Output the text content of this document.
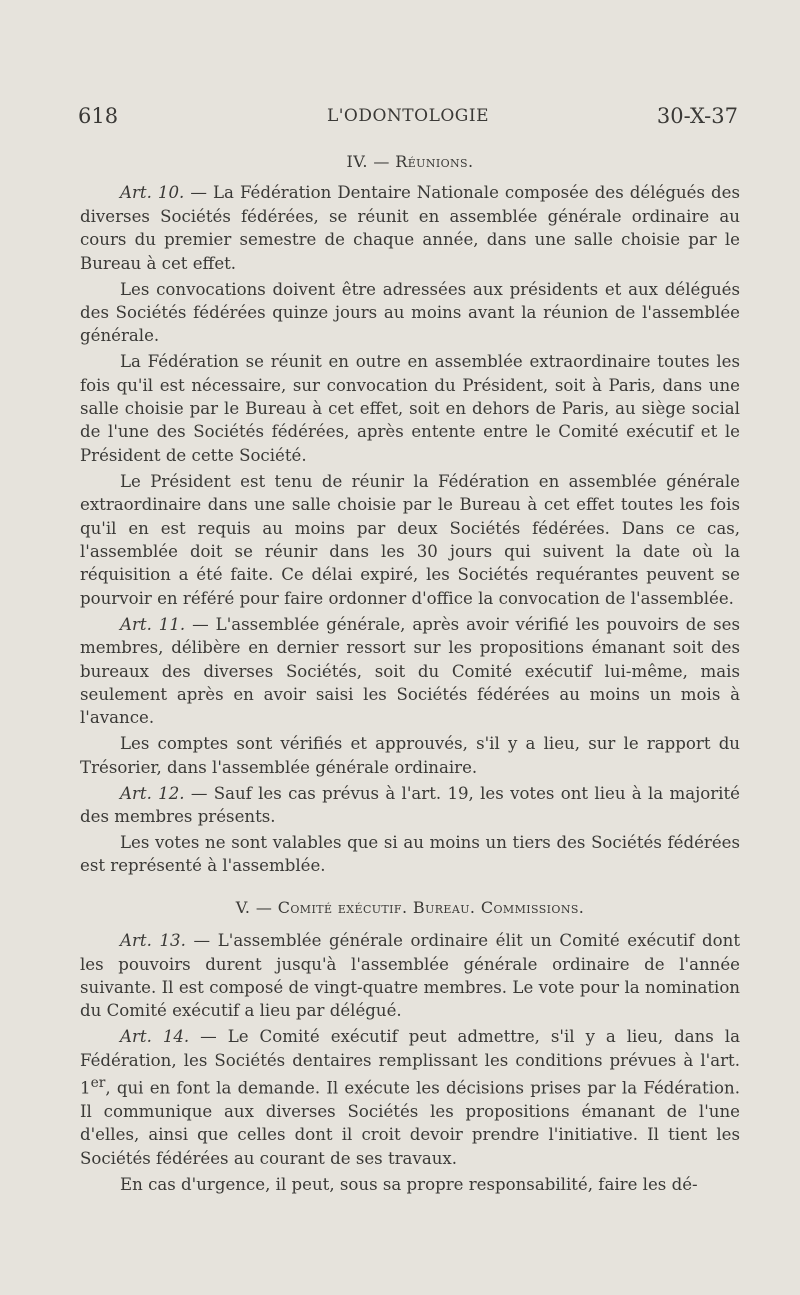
618	L'ODONTOLOGIE	30-X-37

IV. — Réunions.

Art. 10. — La Fédération Dentaire Nationale composée des délégués des diverses Sociétés fédérées, se réunit en assemblée générale ordinaire au cours du premier semestre de chaque année, dans une salle choisie par le Bureau à cet effet.

Les convocations doivent être adressées aux présidents et aux délégués des Sociétés fédérées quinze jours au moins avant la réunion de l'assemblée générale.

La Fédération se réunit en outre en assemblée extraordinaire toutes les fois qu'il est nécessaire, sur convocation du Président, soit à Paris, dans une salle choisie par le Bureau à cet effet, soit en dehors de Paris, au siège social de l'une des Sociétés fédérées, après entente entre le Comité exécutif et le Président de cette Société.

Le Président est tenu de réunir la Fédération en assemblée générale extraordinaire dans une salle choisie par le Bureau à cet effet toutes les fois qu'il en est requis au moins par deux Sociétés fédérées. Dans ce cas, l'assemblée doit se réunir dans les 30 jours qui suivent la date où la réquisition a été faite. Ce délai expiré, les Sociétés requérantes peuvent se pourvoir en référé pour faire ordonner d'office la convocation de l'assemblée.

Art. 11. — L'assemblée générale, après avoir vérifié les pouvoirs de ses membres, délibère en dernier ressort sur les propositions émanant soit des bureaux des diverses Sociétés, soit du Comité exécutif lui-même, mais seulement après en avoir saisi les Sociétés fédérées au moins un mois à l'avance.

Les comptes sont vérifiés et approuvés, s'il y a lieu, sur le rapport du Trésorier, dans l'assemblée générale ordinaire.

Art. 12. — Sauf les cas prévus à l'art. 19, les votes ont lieu à la majorité des membres présents.

Les votes ne sont valables que si au moins un tiers des Sociétés fédérées est représenté à l'assemblée.

V. — Comité exécutif. Bureau. Commissions.

Art. 13. — L'assemblée générale ordinaire élit un Comité exécutif dont les pouvoirs durent jusqu'à l'assemblée générale ordinaire de l'année suivante. Il est composé de vingt-quatre membres. Le vote pour la nomination du Comité exécutif a lieu par délégué.

Art. 14. — Le Comité exécutif peut admettre, s'il y a lieu, dans la Fédération, les Sociétés dentaires remplissant les conditions prévues à l'art. 1er, qui en font la demande. Il exécute les décisions prises par la Fédération. Il communique aux diverses Sociétés les propositions émanant de l'une d'elles, ainsi que celles dont il croit devoir prendre l'initiative. Il tient les Sociétés fédérées au courant de ses travaux.

En cas d'urgence, il peut, sous sa propre responsabilité, faire les dé-
